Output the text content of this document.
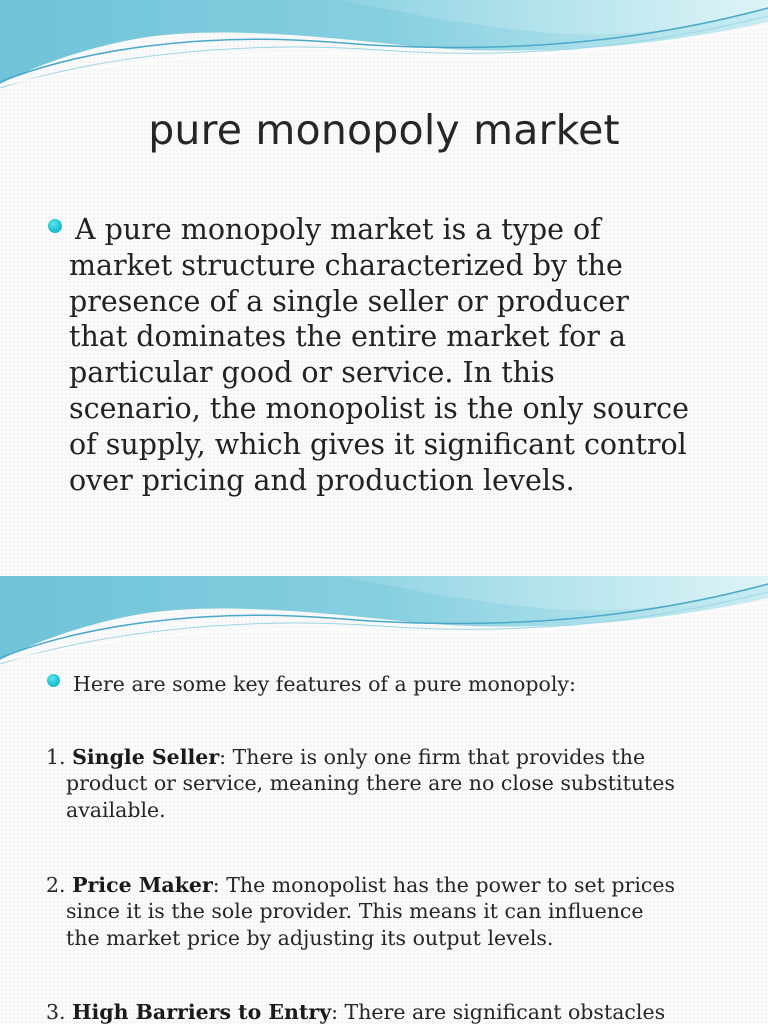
pure monopoly market

A pure monopoly market is a type of
market structure characterized by the
presence of a single seller or producer
that dominates the entire market for a
particular good or service. In this
scenario, the monopolist is the only source
of supply, which gives it significant control
over pricing and production levels.

Here are some key features of a pure monopoly:

1. Single Seller: There is only one firm that provides the
product or service, meaning there are no close substitutes
available.
2. Price Maker: The monopolist has the power to set prices
since it is the sole provider. This means it can influence
the market price by adjusting its output levels.
3. High Barriers to Entry: There are significant obstacles
